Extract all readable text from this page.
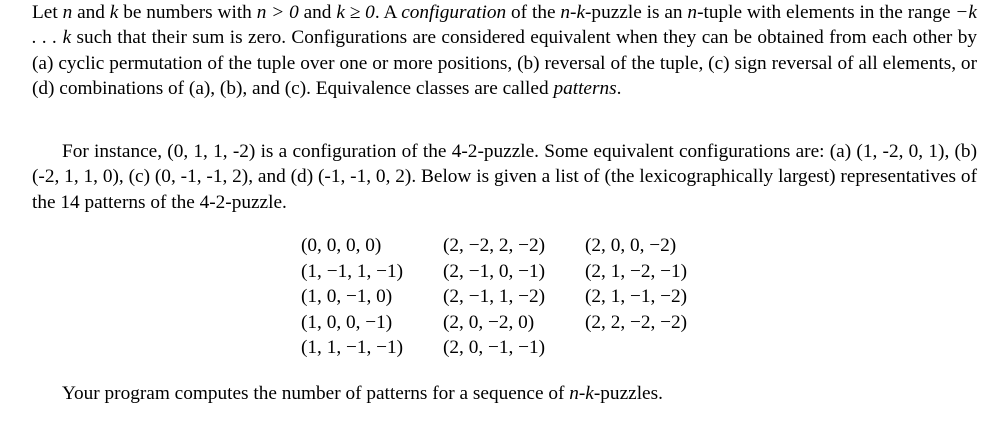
Let n and k be numbers with n > 0 and k ≥ 0. A configuration of the n-k-puzzle is an n-tuple with elements in the range −k . . . k such that their sum is zero. Configurations are considered equivalent when they can be obtained from each other by (a) cyclic permutation of the tuple over one or more positions, (b) reversal of the tuple, (c) sign reversal of all elements, or (d) combinations of (a), (b), and (c). Equivalence classes are called patterns.

For instance, (0, 1, 1, -2) is a configuration of the 4-2-puzzle. Some equivalent configurations are: (a) (1, -2, 0, 1), (b) (-2, 1, 1, 0), (c) (0, -1, -1, 2), and (d) (-1, -1, 0, 2). Below is given a list of (the lexicographically largest) representatives of the 14 patterns of the 4-2-puzzle.

(0, 0, 0, 0)
(1, −1, 1, −1)
(1, 0, −1, 0)
(1, 0, 0, −1)
(1, 1, −1, −1)
(2, −2, 2, −2)
(2, −1, 0, −1)
(2, −1, 1, −2)
(2, 0, −2, 0)
(2, 0, −1, −1)
(2, 0, 0, −2)
(2, 1, −2, −1)
(2, 1, −1, −2)
(2, 2, −2, −2)

Your program computes the number of patterns for a sequence of n-k-puzzles.
